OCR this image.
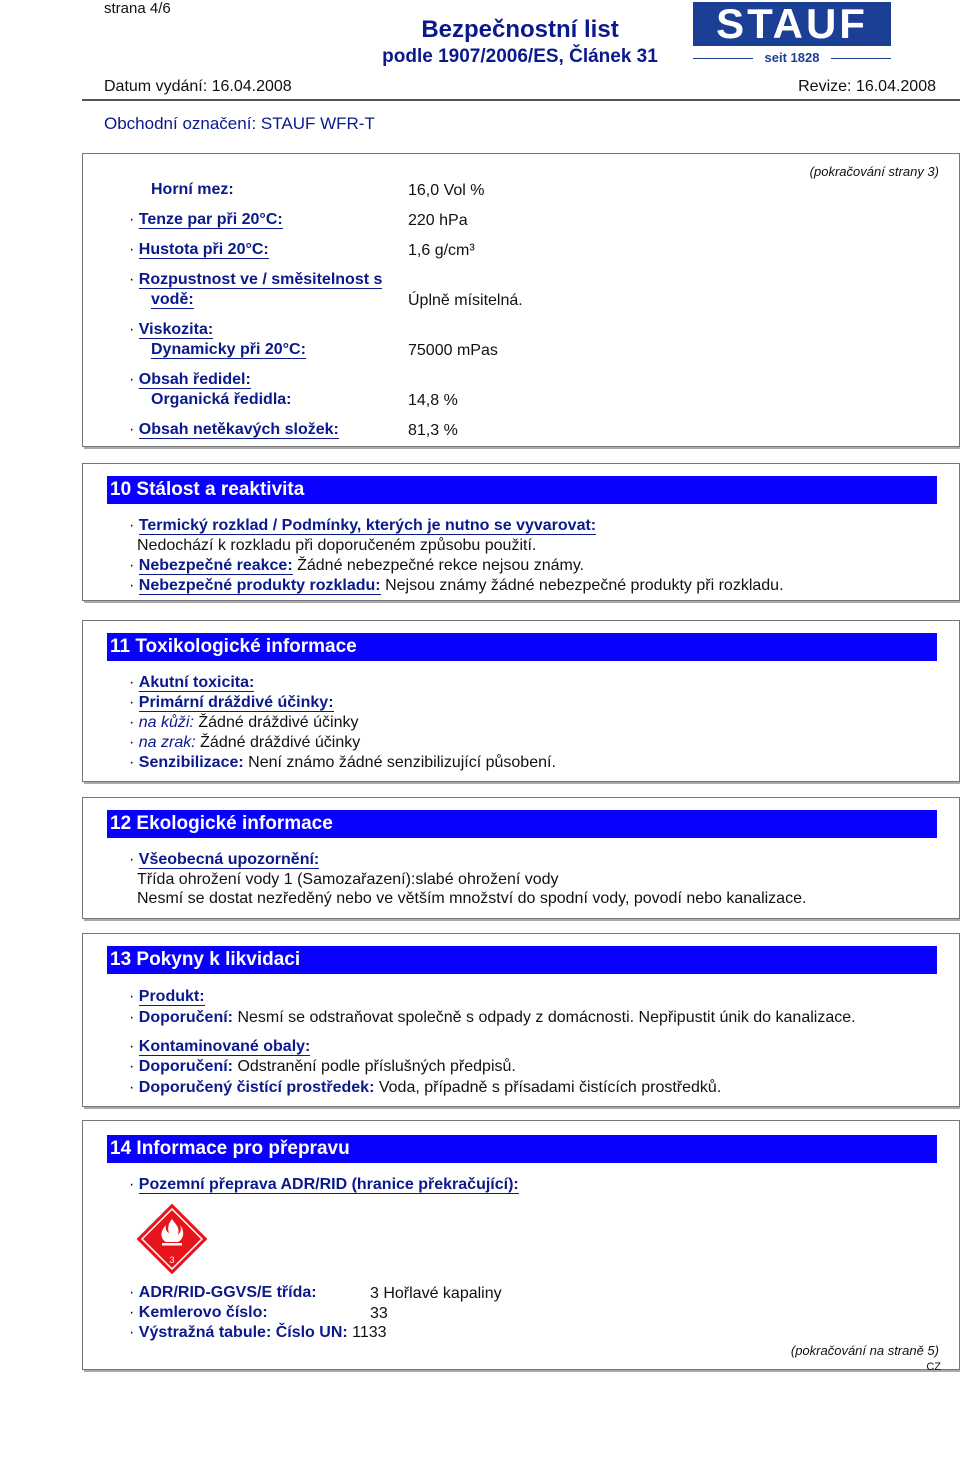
strana 4/6
Bezpečnostní list
podle 1907/2006/ES, Článek 31
STAUF
seit 1828
Datum vydání: 16.04.2008	Revize: 16.04.2008
Obchodní označení: STAUF WFR-T
(pokračování strany 3)
Horní mez:	16,0 Vol %
· Tenze par při 20°C:	220 hPa
· Hustota při 20°C:	1,6 g/cm³
· Rozpustnost ve / směsitelnost s
vodě:	Úplně mísitelná.
· Viskozita:
Dynamicky při 20°C:	75000 mPas
· Obsah ředidel:
Organická ředidla:	14,8 %
· Obsah netěkavých složek:	81,3 %
10 Stálost a reaktivita
· Termický rozklad / Podmínky, kterých je nutno se vyvarovat:
Nedochází k rozkladu při doporučeném způsobu použití.
· Nebezpečné reakce: Žádné nebezpečné rekce nejsou známy.
· Nebezpečné produkty rozkladu: Nejsou známy žádné nebezpečné produkty při rozkladu.
11 Toxikologické informace
· Akutní toxicita:
· Primární dráždivé účinky:
· na kůži: Žádné dráždivé účinky
· na zrak: Žádné dráždivé účinky
· Senzibilizace: Není známo žádné senzibilizující působení.
12 Ekologické informace
· Všeobecná upozornění:
Třída ohrožení vody 1 (Samozařazení):slabé ohrožení vody
Nesmí se dostat nezředěný nebo ve větším množství do spodní vody, povodí nebo kanalizace.
13 Pokyny k likvidaci
· Produkt:
· Doporučení: Nesmí se odstraňovat společně s odpady z domácnosti. Nepřipustit únik do kanalizace.
· Kontaminované obaly:
· Doporučení: Odstranění podle příslušných předpisů.
· Doporučený čistící prostředek: Voda, případně s přísadami čistících prostředků.
14 Informace pro přepravu
· Pozemní přeprava ADR/RID (hranice překračující):
3
· ADR/RID-GGVS/E třída:	3 Hořlavé kapaliny
· Kemlerovo číslo:	33
· Výstražná tabule: Číslo UN: 1133
(pokračování na straně 5)
CZ
